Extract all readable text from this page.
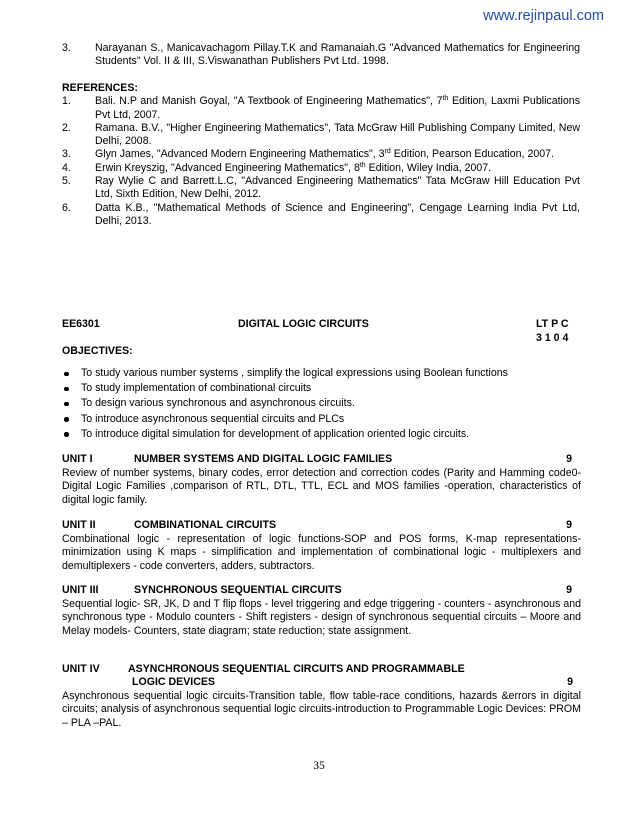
www.rejinpaul.com
3. Narayanan S., Manicavachagom Pillay.T.K and Ramanaiah.G "Advanced Mathematics for Engineering Students" Vol. II & III, S.Viswanathan Publishers Pvt Ltd. 1998.
REFERENCES:
1. Bali. N.P and Manish Goyal, "A Textbook of Engineering Mathematics", 7th Edition, Laxmi Publications Pvt Ltd, 2007.
2. Ramana. B.V., "Higher Engineering Mathematics", Tata McGraw Hill Publishing Company Limited, New Delhi, 2008.
3. Glyn James, "Advanced Modern Engineering Mathematics", 3rd Edition, Pearson Education, 2007.
4. Erwin Kreyszig, "Advanced Engineering Mathematics", 8th Edition, Wiley India, 2007.
5. Ray Wylie C and Barrett.L.C, "Advanced Engineering Mathematics" Tata McGraw Hill Education Pvt Ltd, Sixth Edition, New Delhi, 2012.
6. Datta K.B., "Mathematical Methods of Science and Engineering", Cengage Learning India Pvt Ltd, Delhi, 2013.
EE6301	DIGITAL LOGIC CIRCUITS	LT P C
3 1 0 4
OBJECTIVES:
To study various number systems , simplify the logical expressions using Boolean functions
To study implementation of combinational circuits
To design various synchronous and asynchronous circuits.
To introduce asynchronous sequential circuits and PLCs
To introduce digital simulation for development of application oriented logic circuits.
UNIT I	NUMBER SYSTEMS AND DIGITAL LOGIC FAMILIES	9
Review of number systems, binary codes, error detection and correction codes (Parity and Hamming code0- Digital Logic Families ,comparison of RTL, DTL, TTL, ECL and MOS families -operation, characteristics of digital logic family.
UNIT II	COMBINATIONAL CIRCUITS	9
Combinational logic - representation of logic functions-SOP and POS forms, K-map representations-minimization using K maps - simplification and implementation of combinational logic - multiplexers and demultiplexers - code converters, adders, subtractors.
UNIT III	SYNCHRONOUS SEQUENTIAL CIRCUITS	9
Sequential logic- SR, JK, D and T flip flops - level triggering and edge triggering - counters - asynchronous and synchronous type - Modulo counters - Shift registers - design of synchronous sequential circuits – Moore and Melay models- Counters, state diagram; state reduction; state assignment.
UNIT IV	ASYNCHRONOUS SEQUENTIAL CIRCUITS AND PROGRAMMABLE
LOGIC DEVICES	9
Asynchronous sequential logic circuits-Transition table, flow table-race conditions, hazards &errors in digital circuits; analysis of asynchronous sequential logic circuits-introduction to Programmable Logic Devices: PROM – PLA –PAL.
35
